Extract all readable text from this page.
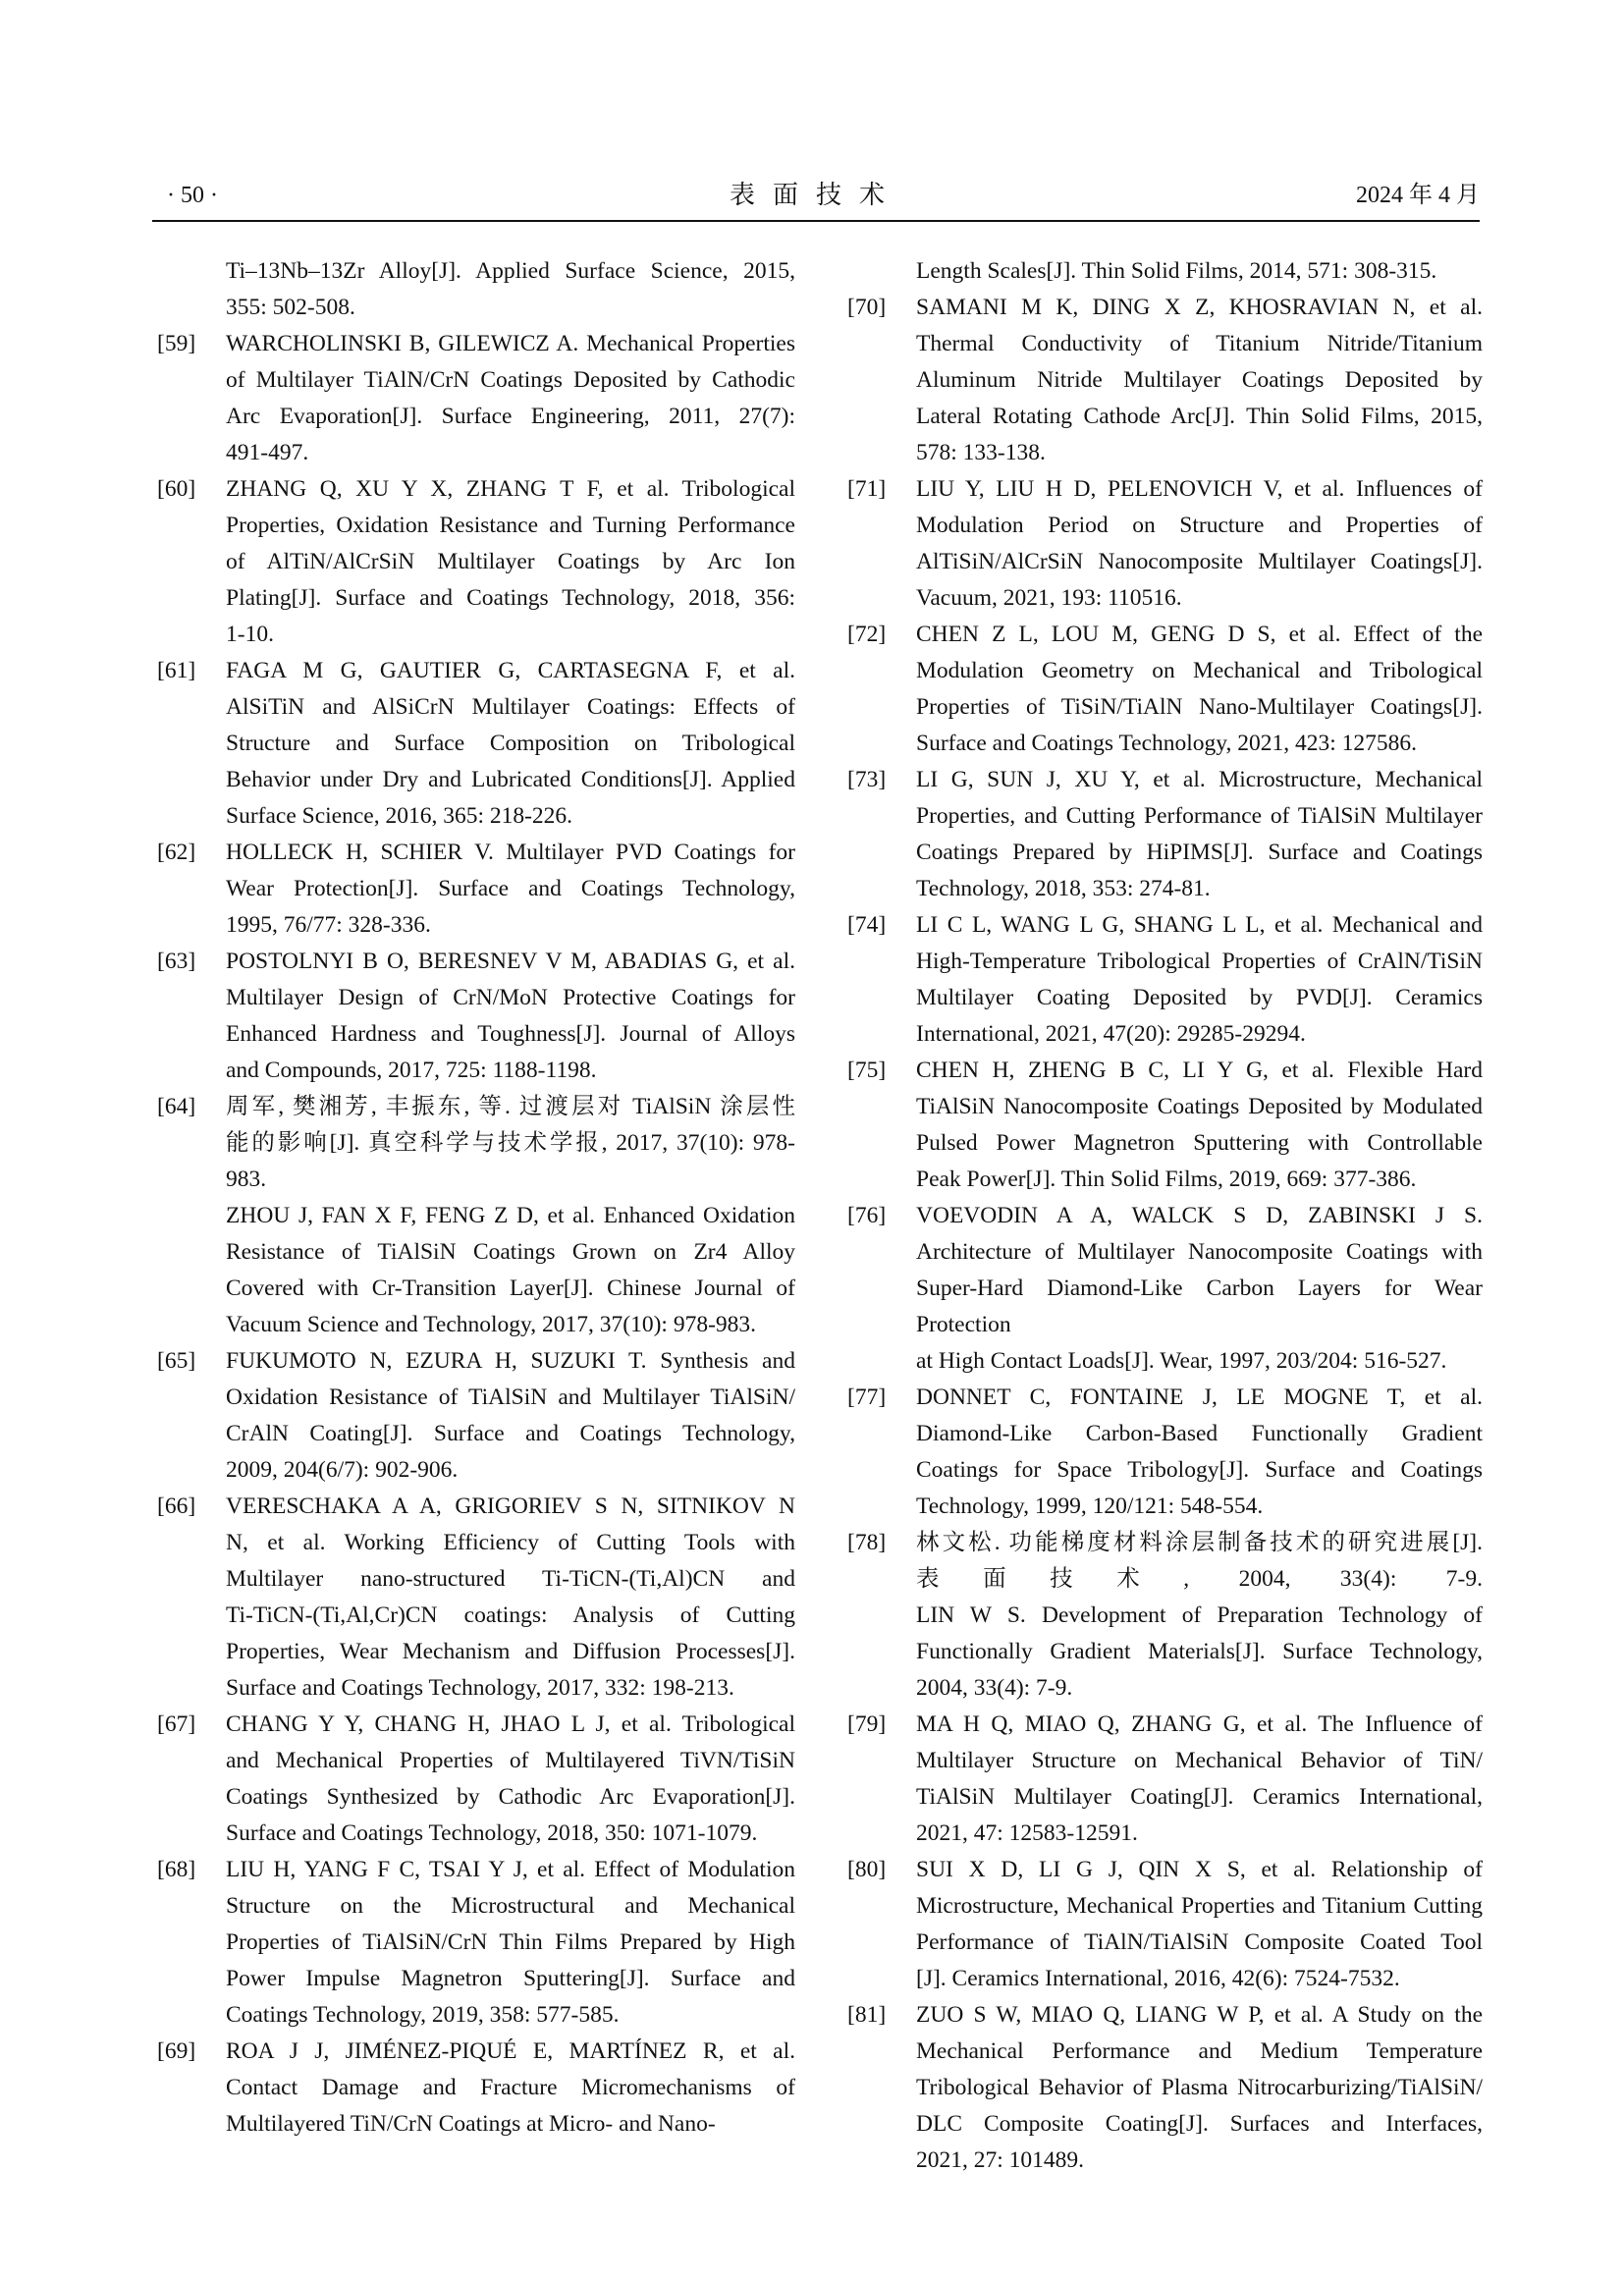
· 50 ·	表面技术	2024 年 4 月
Ti–13Nb–13Zr Alloy[J]. Applied Surface Science, 2015,
355: 502-508.
[59] WARCHOLINSKI B, GILEWICZ A. Mechanical Properties
of Multilayer TiAlN/CrN Coatings Deposited by Cathodic
Arc Evaporation[J]. Surface Engineering, 2011, 27(7):
491-497.
[60] ZHANG Q, XU Y X, ZHANG T F, et al. Tribological
Properties, Oxidation Resistance and Turning Performance
of AlTiN/AlCrSiN Multilayer Coatings by Arc Ion
Plating[J]. Surface and Coatings Technology, 2018, 356:
1-10.
[61] FAGA M G, GAUTIER G, CARTASEGNA F, et al.
AlSiTiN and AlSiCrN Multilayer Coatings: Effects of
Structure and Surface Composition on Tribological
Behavior under Dry and Lubricated Conditions[J]. Applied
Surface Science, 2016, 365: 218-226.
[62] HOLLECK H, SCHIER V. Multilayer PVD Coatings for
Wear Protection[J]. Surface and Coatings Technology,
1995, 76/77: 328-336.
[63] POSTOLNYI B O, BERESNEV V M, ABADIAS G, et al.
Multilayer Design of CrN/MoN Protective Coatings for
Enhanced Hardness and Toughness[J]. Journal of Alloys
and Compounds, 2017, 725: 1188-1198.
[64] 周军, 樊湘芳, 丰振东, 等. 过渡层对 TiAlSiN 涂层性
能的影响[J]. 真空科学与技术学报, 2017, 37(10): 978-
983.
ZHOU J, FAN X F, FENG Z D, et al. Enhanced Oxidation
Resistance of TiAlSiN Coatings Grown on Zr4 Alloy
Covered with Cr-Transition Layer[J]. Chinese Journal of
Vacuum Science and Technology, 2017, 37(10): 978-983.
[65] FUKUMOTO N, EZURA H, SUZUKI T. Synthesis and
Oxidation Resistance of TiAlSiN and Multilayer TiAlSiN/
CrAlN Coating[J]. Surface and Coatings Technology,
2009, 204(6/7): 902-906.
[66] VERESCHAKA A A, GRIGORIEV S N, SITNIKOV N
N, et al. Working Efficiency of Cutting Tools with
Multilayer nano-structured Ti-TiCN-(Ti,Al)CN and
Ti-TiCN-(Ti,Al,Cr)CN coatings: Analysis of Cutting
Properties, Wear Mechanism and Diffusion Processes[J].
Surface and Coatings Technology, 2017, 332: 198-213.
[67] CHANG Y Y, CHANG H, JHAO L J, et al. Tribological
and Mechanical Properties of Multilayered TiVN/TiSiN
Coatings Synthesized by Cathodic Arc Evaporation[J].
Surface and Coatings Technology, 2018, 350: 1071-1079.
[68] LIU H, YANG F C, TSAI Y J, et al. Effect of Modulation
Structure on the Microstructural and Mechanical
Properties of TiAlSiN/CrN Thin Films Prepared by High
Power Impulse Magnetron Sputtering[J]. Surface and
Coatings Technology, 2019, 358: 577-585.
[69] ROA J J, JIMÉNEZ-PIQUÉ E, MARTÍNEZ R, et al.
Contact Damage and Fracture Micromechanisms of
Multilayered TiN/CrN Coatings at Micro- and Nano-
Length Scales[J]. Thin Solid Films, 2014, 571: 308-315.
[70] SAMANI M K, DING X Z, KHOSRAVIAN N, et al.
Thermal Conductivity of Titanium Nitride/Titanium
Aluminum Nitride Multilayer Coatings Deposited by
Lateral Rotating Cathode Arc[J]. Thin Solid Films, 2015,
578: 133-138.
[71] LIU Y, LIU H D, PELENOVICH V, et al. Influences of
Modulation Period on Structure and Properties of
AlTiSiN/AlCrSiN Nanocomposite Multilayer Coatings[J].
Vacuum, 2021, 193: 110516.
[72] CHEN Z L, LOU M, GENG D S, et al. Effect of the
Modulation Geometry on Mechanical and Tribological
Properties of TiSiN/TiAlN Nano-Multilayer Coatings[J].
Surface and Coatings Technology, 2021, 423: 127586.
[73] LI G, SUN J, XU Y, et al. Microstructure, Mechanical
Properties, and Cutting Performance of TiAlSiN Multilayer
Coatings Prepared by HiPIMS[J]. Surface and Coatings
Technology, 2018, 353: 274-81.
[74] LI C L, WANG L G, SHANG L L, et al. Mechanical and
High-Temperature Tribological Properties of CrAlN/TiSiN
Multilayer Coating Deposited by PVD[J]. Ceramics
International, 2021, 47(20): 29285-29294.
[75] CHEN H, ZHENG B C, LI Y G, et al. Flexible Hard
TiAlSiN Nanocomposite Coatings Deposited by Modulated
Pulsed Power Magnetron Sputtering with Controllable
Peak Power[J]. Thin Solid Films, 2019, 669: 377-386.
[76] VOEVODIN A A, WALCK S D, ZABINSKI J S.
Architecture of Multilayer Nanocomposite Coatings with
Super-Hard Diamond-Like Carbon Layers for Wear Protection
at High Contact Loads[J]. Wear, 1997, 203/204: 516-527.
[77] DONNET C, FONTAINE J, LE MOGNE T, et al.
Diamond-Like Carbon-Based Functionally Gradient
Coatings for Space Tribology[J]. Surface and Coatings
Technology, 1999, 120/121: 548-554.
[78] 林文松. 功能梯度材料涂层制备技术的研究进展[J].
表面技术, 2004, 33(4): 7-9.
LIN W S. Development of Preparation Technology of
Functionally Gradient Materials[J]. Surface Technology,
2004, 33(4): 7-9.
[79] MA H Q, MIAO Q, ZHANG G, et al. The Influence of
Multilayer Structure on Mechanical Behavior of TiN/
TiAlSiN Multilayer Coating[J]. Ceramics International,
2021, 47: 12583-12591.
[80] SUI X D, LI G J, QIN X S, et al. Relationship of
Microstructure, Mechanical Properties and Titanium Cutting
Performance of TiAlN/TiAlSiN Composite Coated Tool
[J]. Ceramics International, 2016, 42(6): 7524-7532.
[81] ZUO S W, MIAO Q, LIANG W P, et al. A Study on the
Mechanical Performance and Medium Temperature
Tribological Behavior of Plasma Nitrocarburizing/TiAlSiN/
DLC Composite Coating[J]. Surfaces and Interfaces,
2021, 27: 101489.
